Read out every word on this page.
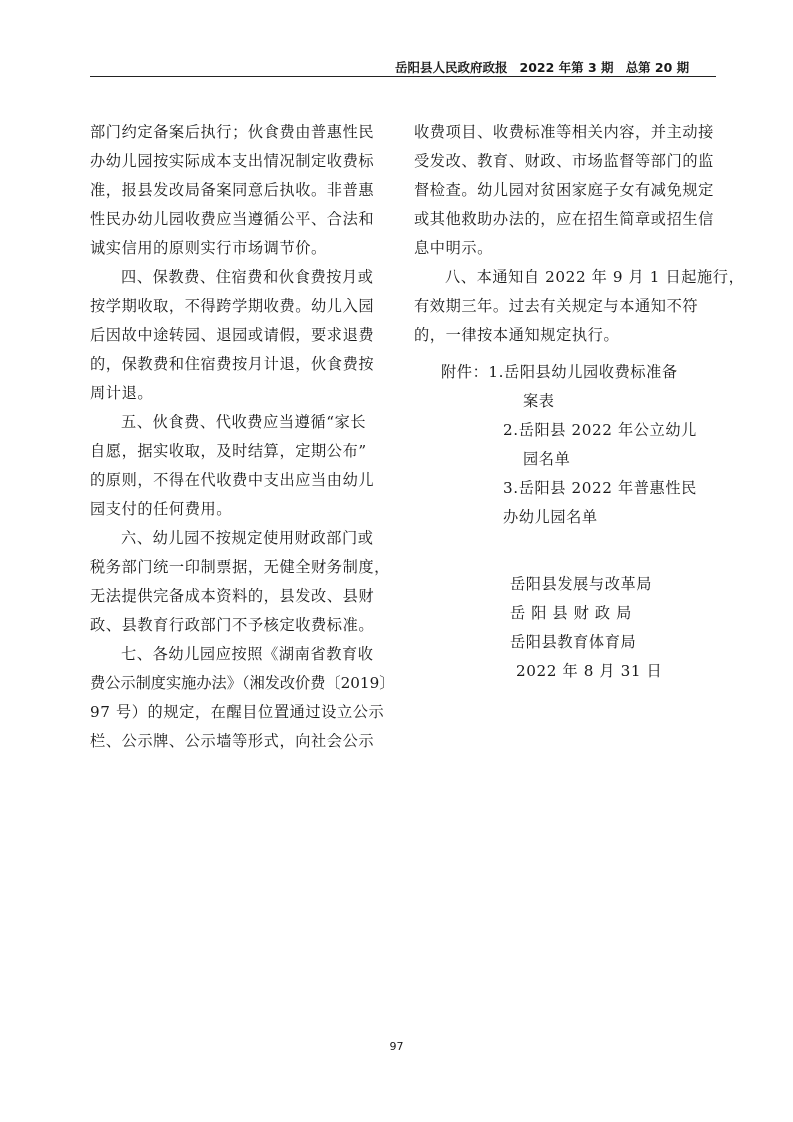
岳阳县人民政府政报 2022 年第 3 期 总第 20 期
部门约定备案后执行；伙食费由普惠性民
办幼儿园按实际成本支出情况制定收费标
准，报县发改局备案同意后执收。非普惠
性民办幼儿园收费应当遵循公平、合法和
诚实信用的原则实行市场调节价。
四、保教费、住宿费和伙食费按月或
按学期收取，不得跨学期收费。幼儿入园
后因故中途转园、退园或请假，要求退费
的，保教费和住宿费按月计退，伙食费按
周计退。
五、伙食费、代收费应当遵循“家长
自愿，据实收取，及时结算，定期公布”
的原则，不得在代收费中支出应当由幼儿
园支付的任何费用。
六、幼儿园不按规定使用财政部门或
税务部门统一印制票据，无健全财务制度，
无法提供完备成本资料的，县发改、县财
政、县教育行政部门不予核定收费标准。
七、各幼儿园应按照《湖南省教育收
费公示制度实施办法》（湘发改价费〔2019〕
97 号）的规定，在醒目位置通过设立公示
栏、公示牌、公示墙等形式，向社会公示
收费项目、收费标准等相关内容，并主动接
受发改、教育、财政、市场监督等部门的监
督检查。幼儿园对贫困家庭子女有减免规定
或其他救助办法的，应在招生简章或招生信
息中明示。
八、本通知自 2022 年 9 月 1 日起施行，
有效期三年。过去有关规定与本通知不符
的，一律按本通知规定执行。
附件：1.岳阳县幼儿园收费标准备
案表
2.岳阳县 2022 年公立幼儿
园名单
3.岳阳县 2022 年普惠性民
办幼儿园名单
岳阳县发展与改革局
岳 阳 县 财 政 局
岳阳县教育体育局
2022 年 8 月 31 日
97
